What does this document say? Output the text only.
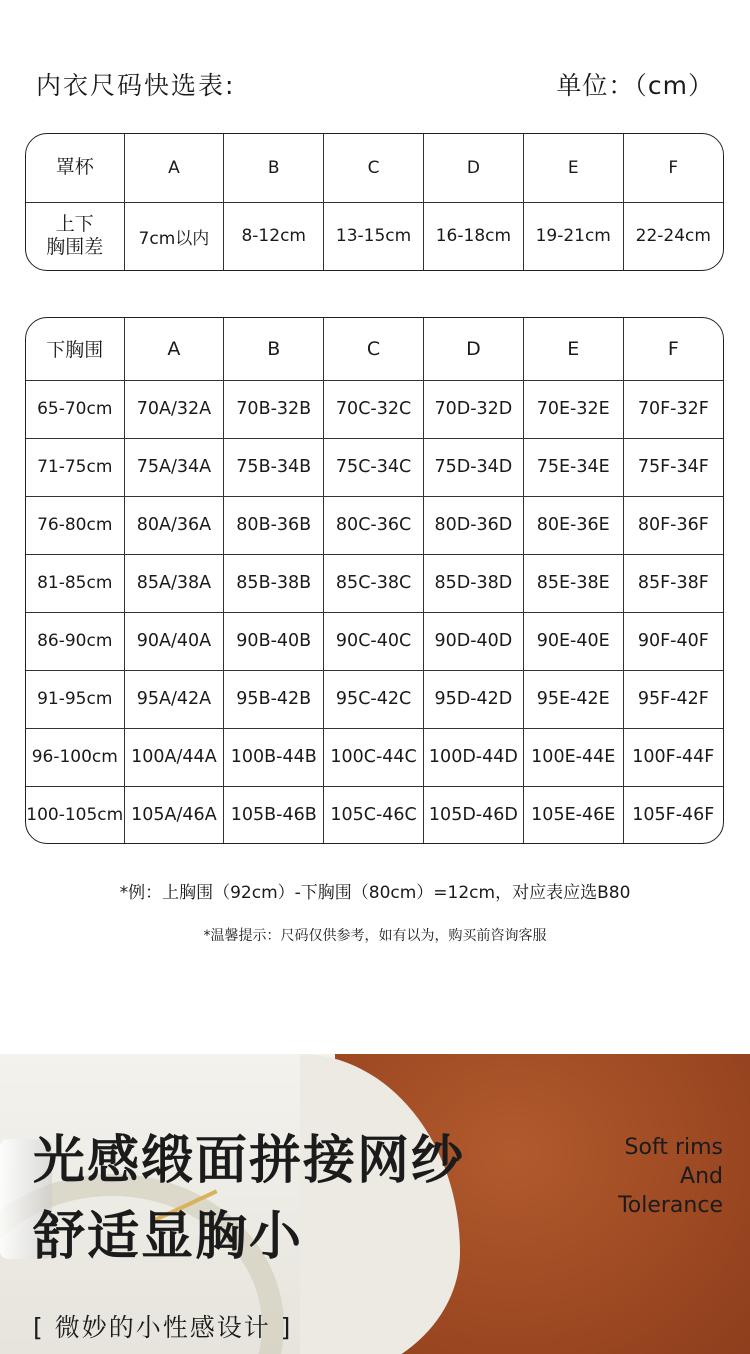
内衣尺码快选表:	单位：（cm）
罩杯	A	B	C	D	E	F

上下
胸围差	7cm以内	8-12cm	13-15cm	16-18cm	19-21cm	22-24cm
下胸围	A	B	C	D	E	F
65-70cm	70A/32A	70B-32B	70C-32C	70D-32D	70E-32E	70F-32F
71-75cm	75A/34A	75B-34B	75C-34C	75D-34D	75E-34E	75F-34F
76-80cm	80A/36A	80B-36B	80C-36C	80D-36D	80E-36E	80F-36F
81-85cm	85A/38A	85B-38B	85C-38C	85D-38D	85E-38E	85F-38F
86-90cm	90A/40A	90B-40B	90C-40C	90D-40D	90E-40E	90F-40F
91-95cm	95A/42A	95B-42B	95C-42C	95D-42D	95E-42E	95F-42F
96-100cm	100A/44A	100B-44B	100C-44C	100D-44D	100E-44E	100F-44F
100-105cm	105A/46A	105B-46B	105C-46C	105D-46D	105E-46E	105F-46F
*例：上胸围（92cm）-下胸围（80cm）=12cm，对应表应选B80
*温馨提示：尺码仅供参考，如有以为，购买前咨询客服
光感缎面拼接网纱
舒适显胸小
[ 微妙的小性感设计 ]
Soft rims
And
Tolerance
